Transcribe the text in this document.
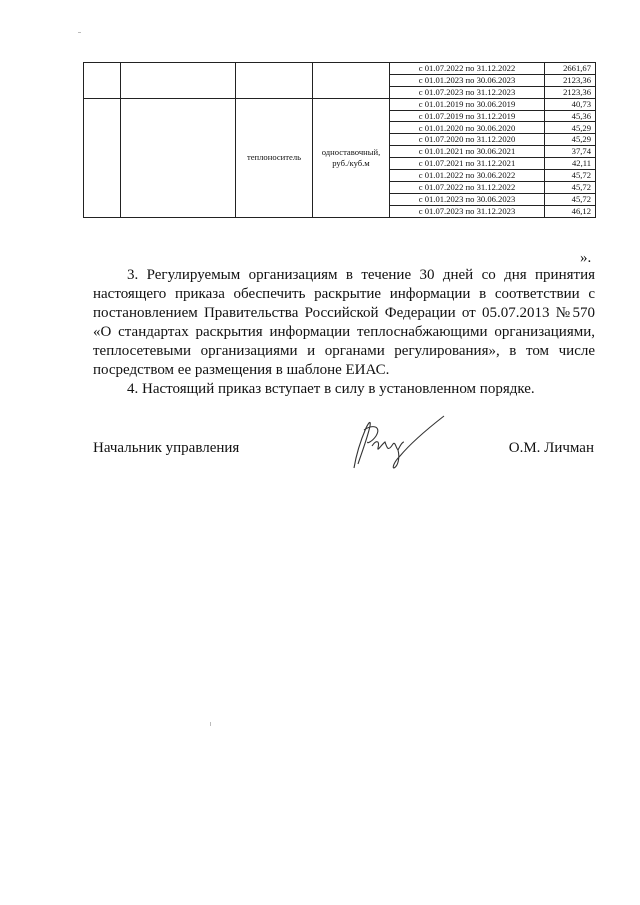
				с 01.07.2022 по 31.12.2022	2661,67
				с 01.01.2023 по 30.06.2023	2123,36
				с 01.07.2023 по 31.12.2023	2123,36
		теплоноситель	одноставочный, руб./куб.м	с 01.01.2019 по 30.06.2019	40,73
				с 01.07.2019 по 31.12.2019	45,36
				с 01.01.2020 по 30.06.2020	45,29
				с 01.07.2020 по 31.12.2020	45,29
				с 01.01.2021 по 30.06.2021	37,74
				с 01.07.2021 по 31.12.2021	42,11
				с 01.01.2022 по 30.06.2022	45,72
				с 01.07.2022 по 31.12.2022	45,72
				с 01.01.2023 по 30.06.2023	45,72
				с 01.07.2023 по 31.12.2023	46,12
».

3. Регулируемым организациям в течение 30 дней со дня принятия настоящего приказа обеспечить раскрытие информации в соответствии с постановлением Правительства Российской Федерации от 05.07.2013 №570 «О стандартах раскрытия информации теплоснабжающими организациями, теплосетевыми организациями и органами регулирования», в том числе посредством ее размещения в шаблоне ЕИАС.

4. Настоящий приказ вступает в силу в установленном порядке.

Начальник управления	О.М. Личман
